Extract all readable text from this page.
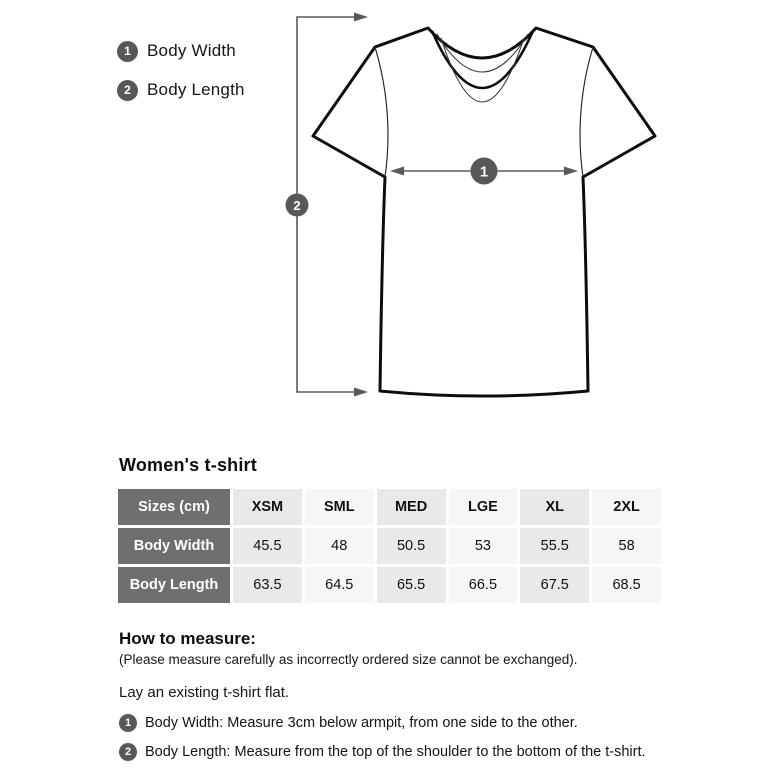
1 Body Width
2 Body Length
1
2
Women's t-shirt
Sizes (cm)	XSM	SML	MED	LGE	XL	2XL
Body Width	45.5	48	50.5	53	55.5	58
Body Length	63.5	64.5	65.5	66.5	67.5	68.5

How to measure:

(Please measure carefully as incorrectly ordered size cannot be exchanged).

Lay an existing t-shirt flat.

1 Body Width: Measure 3cm below armpit, from one side to the other.
2 Body Length: Measure from the top of the shoulder to the bottom of the t-shirt.
